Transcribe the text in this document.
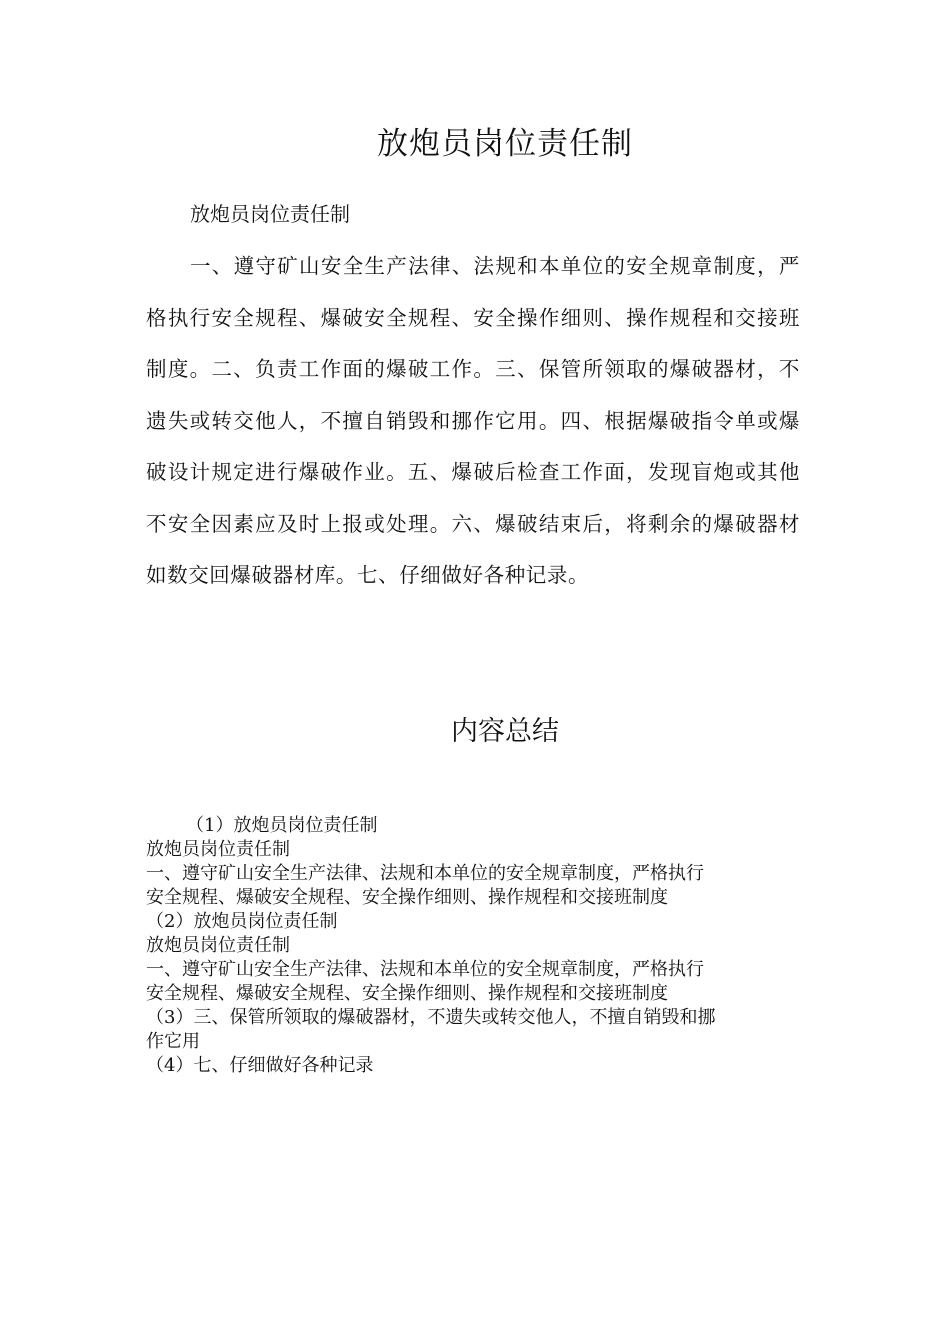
放炮员岗位责任制
放炮员岗位责任制
一、遵守矿山安全生产法律、法规和本单位的安全规章制度，严格执行安全规程、爆破安全规程、安全操作细则、操作规程和交接班制度。二、负责工作面的爆破工作。三、保管所领取的爆破器材，不遗失或转交他人，不擅自销毁和挪作它用。四、根据爆破指令单或爆破设计规定进行爆破作业。五、爆破后检查工作面，发现盲炮或其他不安全因素应及时上报或处理。六、爆破结束后，将剩余的爆破器材如数交回爆破器材库。七、仔细做好各种记录。
内容总结
（1）放炮员岗位责任制
放炮员岗位责任制
一、遵守矿山安全生产法律、法规和本单位的安全规章制度，严格执行
安全规程、爆破安全规程、安全操作细则、操作规程和交接班制度
（2）放炮员岗位责任制
放炮员岗位责任制
一、遵守矿山安全生产法律、法规和本单位的安全规章制度，严格执行
安全规程、爆破安全规程、安全操作细则、操作规程和交接班制度
（3）三、保管所领取的爆破器材，不遗失或转交他人，不擅自销毁和挪
作它用
（4）七、仔细做好各种记录
